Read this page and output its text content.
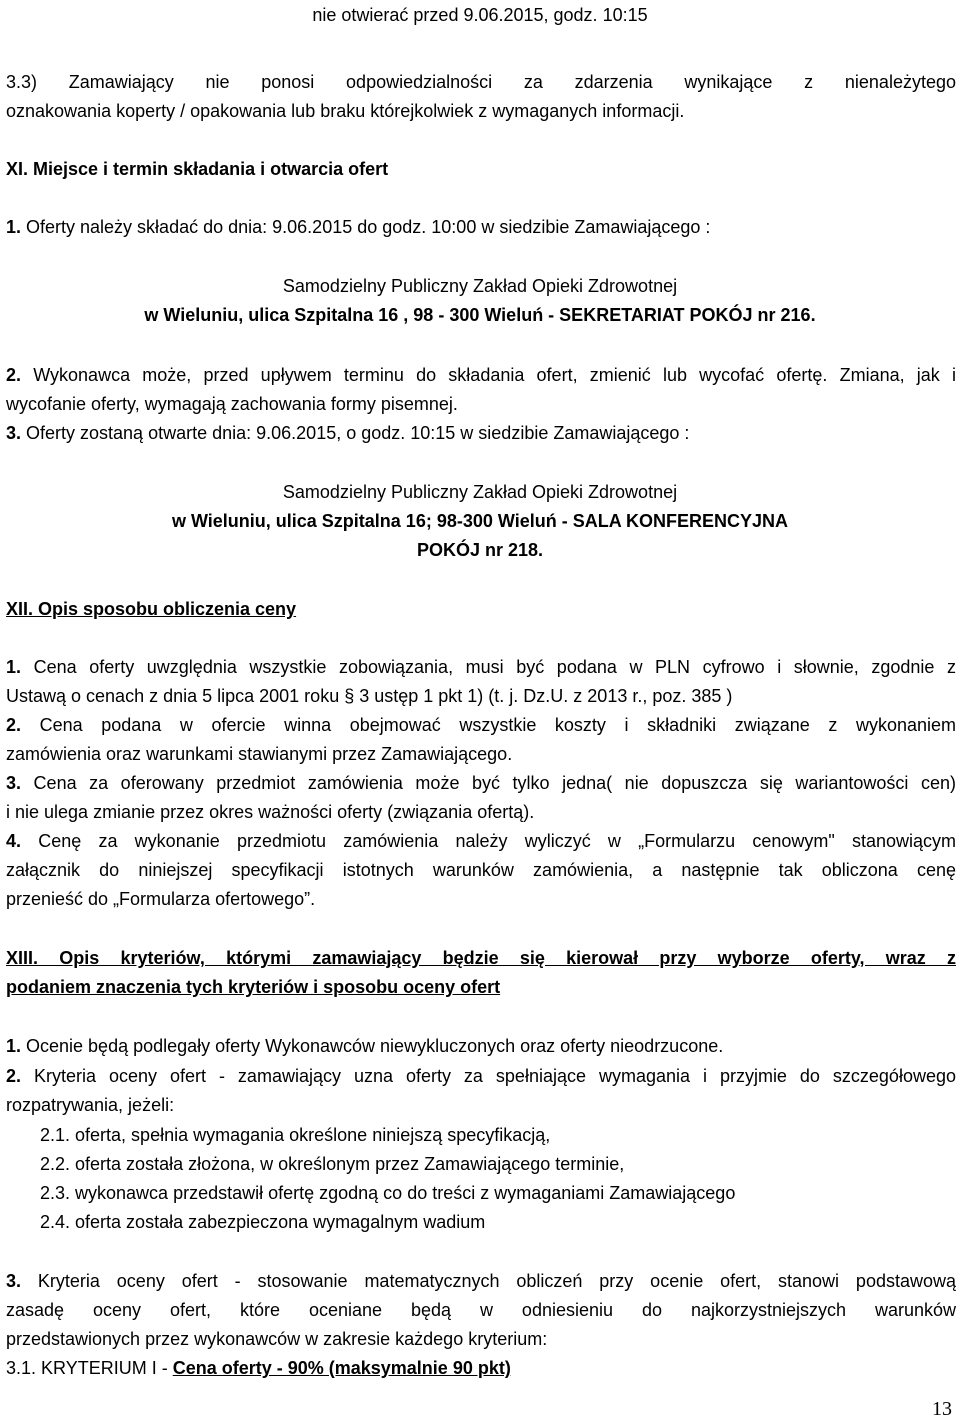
nie otwierać przed 9.06.2015, godz. 10:15
3.3) Zamawiający nie ponosi odpowiedzialności za zdarzenia wynikające z nienależytego
oznakowania koperty / opakowania lub braku którejkolwiek z wymaganych informacji.
XI. Miejsce i termin składania i otwarcia ofert
1. Oferty należy składać do dnia: 9.06.2015 do godz. 10:00 w siedzibie Zamawiającego :
Samodzielny Publiczny Zakład Opieki Zdrowotnej
w Wieluniu, ulica Szpitalna 16 , 98 - 300 Wieluń - SEKRETARIAT POKÓJ nr 216.
2. Wykonawca może, przed upływem terminu do składania ofert, zmienić lub wycofać ofertę. Zmiana, jak i
wycofanie oferty, wymagają zachowania formy pisemnej.
3. Oferty zostaną otwarte dnia: 9.06.2015, o godz. 10:15 w siedzibie Zamawiającego :
Samodzielny Publiczny Zakład Opieki Zdrowotnej
w Wieluniu, ulica Szpitalna 16; 98-300 Wieluń - SALA KONFERENCYJNA
POKÓJ nr 218.
XII. Opis sposobu obliczenia ceny
1. Cena oferty uwzględnia wszystkie zobowiązania, musi być podana w PLN cyfrowo i słownie, zgodnie z
Ustawą o cenach z dnia 5 lipca 2001 roku § 3 ustęp 1 pkt 1) (t. j. Dz.U. z 2013 r., poz. 385 )
2. Cena podana w ofercie winna obejmować wszystkie koszty i składniki związane z wykonaniem
zamówienia oraz warunkami stawianymi przez Zamawiającego.
3. Cena za oferowany przedmiot zamówienia może być tylko jedna( nie dopuszcza się wariantowości cen)
i nie ulega zmianie przez okres ważności oferty (związania ofertą).
4. Cenę za wykonanie przedmiotu zamówienia należy wyliczyć w „Formularzu cenowym" stanowiącym
załącznik do niniejszej specyfikacji istotnych warunków zamówienia, a następnie tak obliczona cenę
przenieść do „Formularza ofertowego”.
XIII. Opis kryteriów, którymi zamawiający będzie się kierował przy wyborze oferty, wraz z
podaniem znaczenia tych kryteriów i sposobu oceny ofert
1. Ocenie będą podlegały oferty Wykonawców niewykluczonych oraz oferty nieodrzucone.
2. Kryteria oceny ofert - zamawiający uzna oferty za spełniające wymagania i przyjmie do szczegółowego
rozpatrywania, jeżeli:
2.1. oferta, spełnia wymagania określone niniejszą specyfikacją,
2.2. oferta została złożona, w określonym przez Zamawiającego terminie,
2.3. wykonawca przedstawił ofertę zgodną co do treści z wymaganiami Zamawiającego
2.4. oferta została zabezpieczona wymagalnym wadium
3. Kryteria oceny ofert - stosowanie matematycznych obliczeń przy ocenie ofert, stanowi podstawową
zasadę oceny ofert, które oceniane będą w odniesieniu do najkorzystniejszych warunków
przedstawionych przez wykonawców w zakresie każdego kryterium:
3.1. KRYTERIUM I - Cena oferty - 90% (maksymalnie 90 pkt)
13
